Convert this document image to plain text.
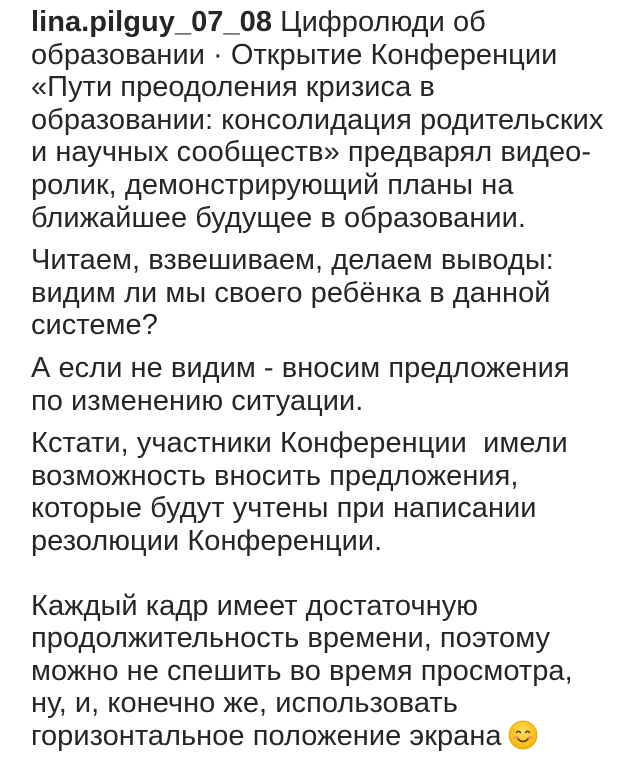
lina.pilguy_07_08 Цифролюди об
образовании · Открытие Конференции
«Пути преодоления кризиса в
образовании: консолидация родительских
и научных сообществ» предварял видео-
ролик, демонстрирующий планы на
ближайшее будущее в образовании.

Читаем, взвешиваем, делаем выводы:
видим ли мы своего ребёнка в данной
системе?

А если не видим - вносим предложения
по изменению ситуации.

Кстати, участники Конференции  имели
возможность вносить предложения,
которые будут учтены при написании
резолюции Конференции.

Каждый кадр имеет достаточную
продолжительность времени, поэтому
можно не спешить во время просмотра,
ну, и, конечно же, использовать
горизонтальное положение экрана
